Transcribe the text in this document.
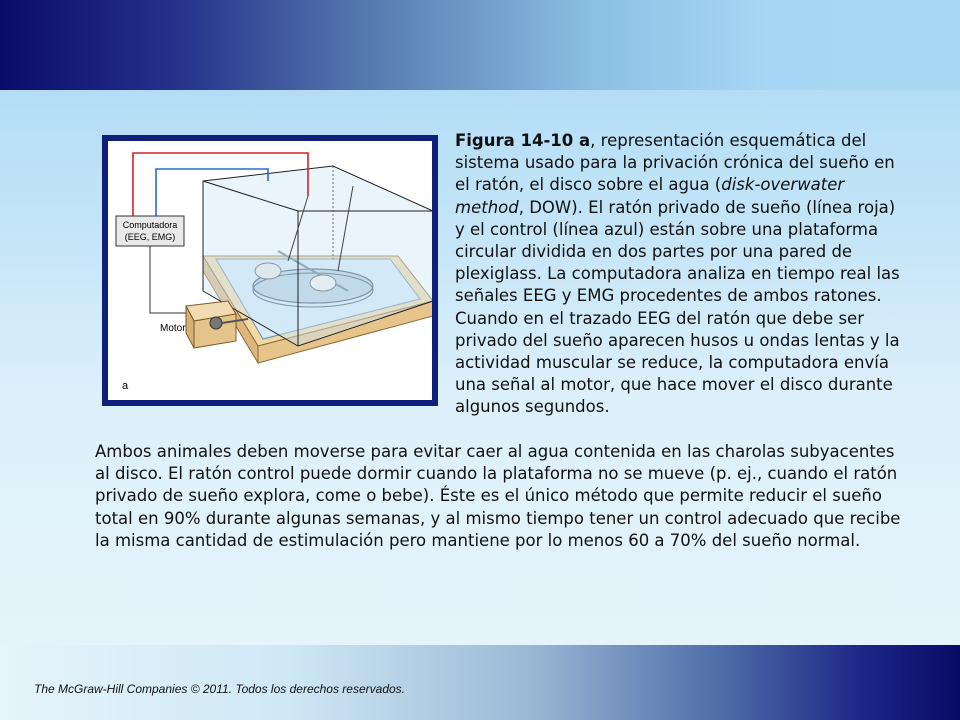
Computadora
(EEG, EMG)
Motor
a
Figura 14-10 a, representación esquemática del sistema usado para la privación crónica del sueño en el ratón, el disco sobre el agua (disk-overwater method, DOW). El ratón privado de sueño (línea roja) y el control (línea azul) están sobre una plataforma circular dividida en dos partes por una pared de plexiglass. La computadora analiza en tiempo real las señales EEG y EMG procedentes de ambos ratones. Cuando en el trazado EEG del ratón que debe ser privado del sueño aparecen husos u ondas lentas y la actividad muscular se reduce, la computadora envía una señal al motor, que hace mover el disco durante algunos segundos.
Ambos animales deben moverse para evitar caer al agua contenida en las charolas subyacentes al disco. El ratón control puede dormir cuando la plataforma no se mueve (p. ej., cuando el ratón privado de sueño explora, come o bebe). Éste es el único método que permite reducir el sueño total en 90% durante algunas semanas, y al mismo tiempo tener un control adecuado que recibe la misma cantidad de estimulación pero mantiene por lo menos 60 a 70% del sueño normal.
The McGraw-Hill Companies © 2011. Todos los derechos reservados.
